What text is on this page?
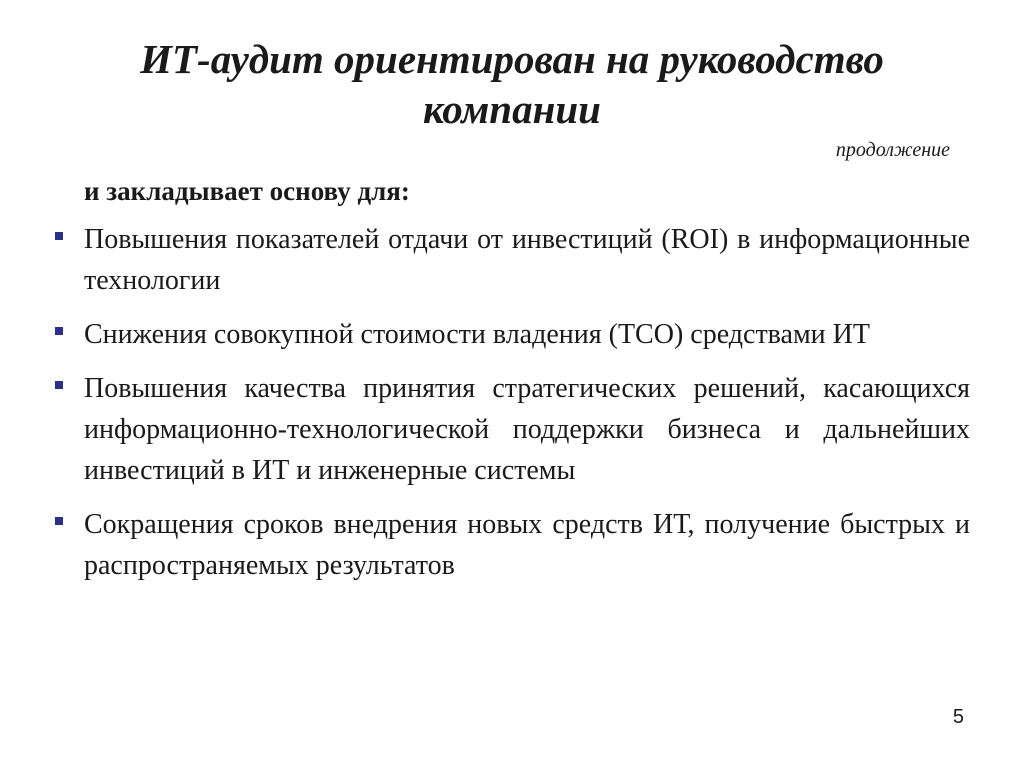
ИТ-аудит ориентирован на руководство компании
продолжение
и закладывает основу для:
Повышения показателей отдачи от инвестиций (ROI) в информационные технологии
Снижения совокупной стоимости владения (TCO) средствами ИТ
Повышения качества принятия стратегических решений, касающихся информационно-технологической поддержки бизнеса и дальнейших инвестиций в ИТ и инженерные системы
Сокращения сроков внедрения новых средств ИТ, получение быстрых и распространяемых результатов
5
